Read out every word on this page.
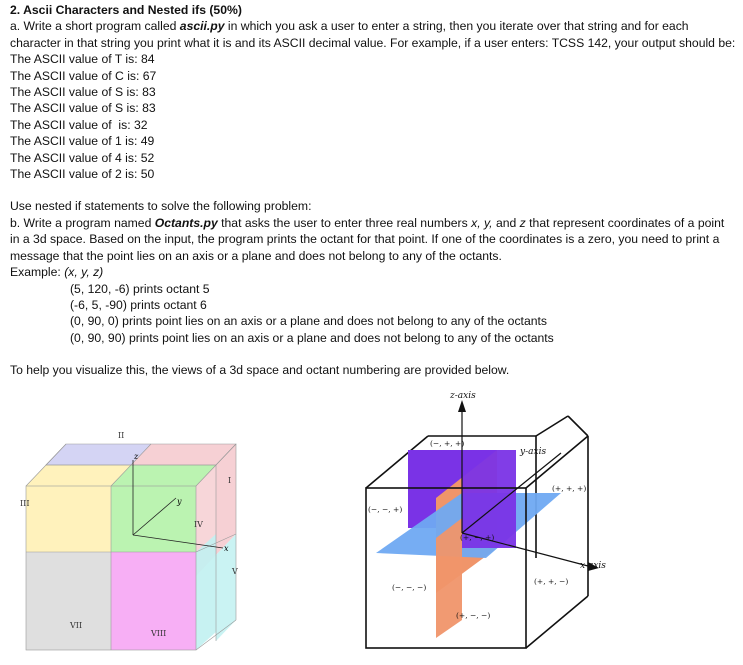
2. Ascii Characters and Nested ifs (50%)
a. Write a short program called ascii.py in which you ask a user to enter a string, then you iterate over that string and for each character in that string you print what it is and its ASCII decimal value. For example, if a user enters: TCSS 142, your output should be:
The ASCII value of T is: 84
The ASCII value of C is: 67
The ASCII value of S is: 83
The ASCII value of S is: 83
The ASCII value of  is: 32
The ASCII value of 1 is: 49
The ASCII value of 4 is: 52
The ASCII value of 2 is: 50
Use nested if statements to solve the following problem:
b. Write a program named Octants.py that asks the user to enter three real numbers x, y, and z that represent coordinates of a point in a 3d space. Based on the input, the program prints the octant for that point. If one of the coordinates is a zero, you need to print a message that the point lies on an axis or a plane and does not belong to any of the octants.
Example: (x, y, z)
(5, 120, -6) prints octant 5
(-6, 5, -90) prints octant 6
(0, 90, 0) prints point lies on an axis or a plane and does not belong to any of the octants
(0, 90, 90) prints point lies on an axis or a plane and does not belong to any of the octants
To help you visualize this, the views of a 3d space and octant numbering are provided below.
z
y
x
II
I
III
IV
V
VII
VIII
z-axis
y-axis
x-axis
(−, +, +)
(+, +, +)
(−, −, +)
(+, −, +)
(+, +, −)
(−, −, −)
(+, −, −)
